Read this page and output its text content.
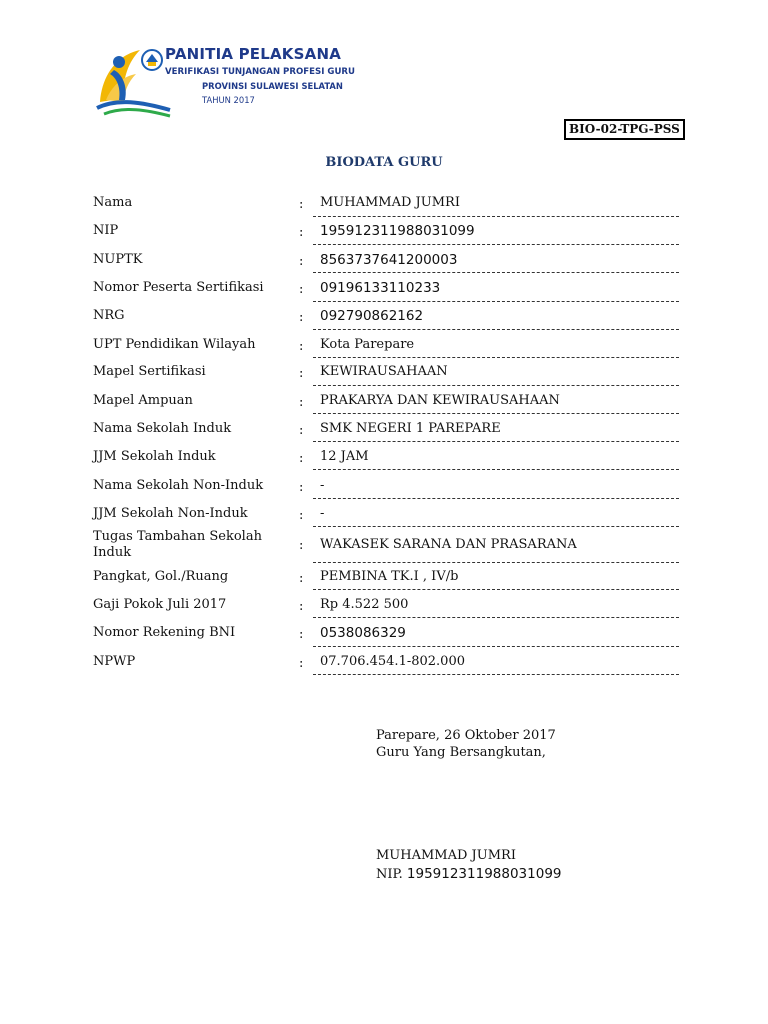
PANITIA PELAKSANA
VERIFIKASI TUNJANGAN PROFESI GURU
PROVINSI SULAWESI SELATAN
TAHUN 2017
BIO-02-TPG-PSS
BIODATA GURU
Nama	: MUHAMMAD JUMRI
NIP	: 195912311988031099
NUPTK	: 8563737641200003
Nomor Peserta Sertifikasi	: 09196133110233
NRG	: 092790862162
UPT Pendidikan Wilayah	: Kota Parepare
Mapel Sertifikasi	: KEWIRAUSAHAAN
Mapel Ampuan	: PRAKARYA DAN KEWIRAUSAHAAN
Nama Sekolah Induk	: SMK NEGERI 1 PAREPARE
JJM Sekolah Induk	: 12 JAM
Nama Sekolah Non-Induk	: -
JJM Sekolah Non-Induk	: -
Tugas Tambahan Sekolah Induk	: WAKASEK SARANA DAN PRASARANA
Pangkat, Gol./Ruang	: PEMBINA TK.I , IV/b
Gaji Pokok Juli 2017	: Rp 4.522 500
Nomor Rekening BNI	: 0538086329
NPWP	: 07.706.454.1-802.000
Parepare, 26 Oktober 2017
Guru Yang Bersangkutan,
MUHAMMAD JUMRI
NIP. 195912311988031099
